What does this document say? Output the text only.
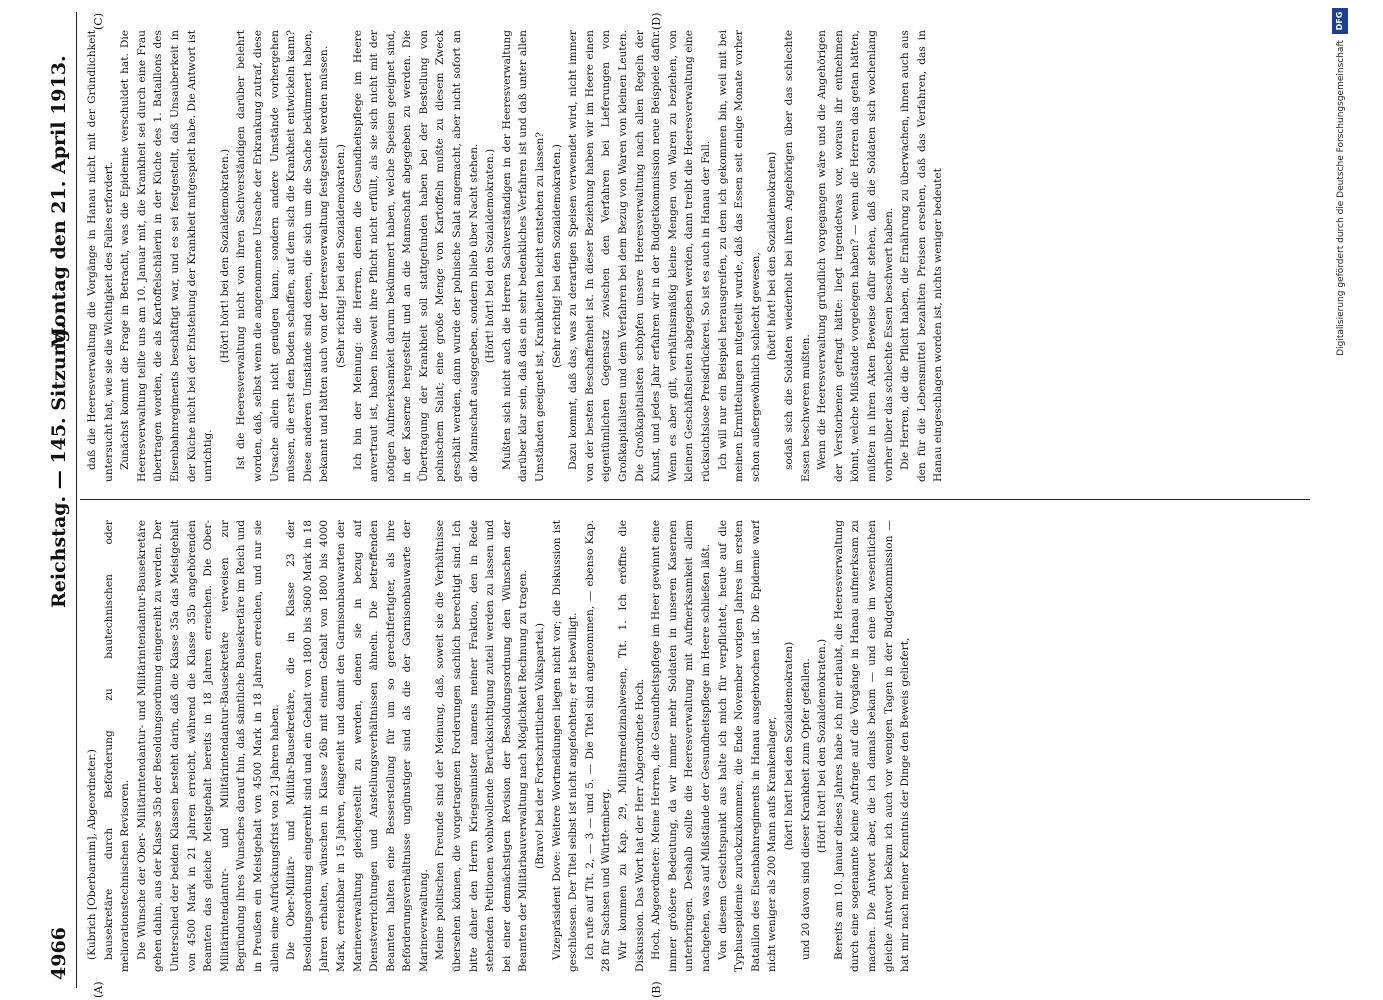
4966
Reichstag. — 145. Sitzung.
Montag den 21. April 1913.
(A)	(B)
(C)	(D)

(Kubrich [Oberbarnim], Abgeordneter.) bausekretäre durch Beförderung zu bautechnischen oder meliorationstechnischen Revisoren. Die Wünsche der Ober- Militärintendantur- und Militärintendantur-Bausekretäre gehen dahin, aus der Klasse 35b der Besoldungsordnung eingereiht zu werden. Der Unterschied der beiden Klassen besteht darin, daß die Klasse 35a das Meistgehalt von 4500 Mark in 21 Jahren erreicht, während die Klasse 35b angehörenden Beamten das gleiche Meistgehalt bereits in 18 Jahren erreichen. Die Ober-Militärintendantur- und Militärintendantur-Bausekretäre verweisen zur Begründung ihres Wunsches darauf hin, daß sämtliche Bausekretäre im Reich und in Preußen ein Meistgehalt von 4500 Mark in 18 Jahren erreichen, und nur sie allein eine Aufrückungsfrist von 21 Jahren haben. Die Ober-Militär- und Militär-Bausekretäre, die in Klasse 23 der Besoldungsordnung eingereiht sind und ein Gehalt von 1800 bis 3600 Mark in 18 Jahren erhalten, wünschen in Klasse 26b mit einem Gehalt von 1800 bis 4000 Mark, erreichbar in 15 Jahren, eingereiht und damit den Garnisonbauwarten der Marineverwaltung gleichgestellt zu werden, denen sie in bezug auf Dienstverrichtungen und Anstellungsverhältnissen ähneln. Die betreffenden Beamten halten eine Besserstellung für um so gerechtfertigter, als ihre Beförderungsverhältnisse ungünstiger sind als die der Garnisonbauwarte der Marineverwaltung. Meine politischen Freunde sind der Meinung, daß, soweit sie die Verhältnisse übersehen können, die vorgetragenen Forderungen sachlich berechtigt sind. Ich bitte daher den Herrn Kriegsminister namens meiner Fraktion, den in Rede stehenden Petitionen wohlwollende Berücksichtigung zuteil werden zu lassen und bei einer demnächstigen Revision der Besoldungsordnung den Wünschen der Beamten der Militärbauverwaltung nach Möglichkeit Rechnung zu tragen. (Bravo! bei der Fortschrittlichen Volkspartei.) Vizepräsident Dove: Weitere Wortmeldungen liegen nicht vor; die Diskussion ist geschlossen. Der Titel selbst ist nicht angefochten; er ist bewilligt. Ich rufe auf Tit. 2, — 3 — und 5. — Die Titel sind angenommen, — ebenso Kap. 28 für Sachsen und Württemberg. Wir kommen zu Kap. 29, Militärmedizinalwesen, Tit. 1. Ich eröffne die Diskussion. Das Wort hat der Herr Abgeordnete Hoch. Hoch, Abgeordneter: Meine Herren, die Gesundheitspflege im Heer gewinnt eine immer größere Bedeutung, da wir immer mehr Soldaten in unseren Kasernen unterbringen. Deshalb sollte die Heeresverwaltung mit Aufmerksamkeit allem nachgehen, was auf Mißstände der Gesundheitspflege im Heere schließen läßt. Von diesem Gesichtspunkt aus halte ich mich für verpflichtet, heute auf die Typhusepidemie zurückzukommen, die Ende November vorigen Jahres im ersten Bataillon des Eisenbahnregiments in Hanau ausgebrochen ist. Die Epidemie warf nicht weniger als 200 Mann aufs Krankenlager, (hört! hört! bei den Sozialdemokraten) und 20 davon sind dieser Krankheit zum Opfer gefallen. (Hört! hört! bei den Sozialdemokraten.) Bereits am 10. Januar dieses Jahres habe ich mir erlaubt, die Heeresverwaltung durch eine sogenannte kleine Anfrage auf die Vorgänge in Hanau aufmerksam zu machen. Die Antwort aber, die ich damals bekam — und eine im wesentlichen gleiche Antwort bekam ich auch vor wenigen Tagen in der Budgetkommission — hat mir nach meiner Kenntnis der Dinge den Beweis geliefert,

daß die Heeresverwaltung die Vorgänge in Hanau nicht mit der Gründlichkeit untersucht hat, wie sie die Wichtigkeit des Falles erfordert. Zunächst kommt die Frage in Betracht, was die Epidemie verschuldet hat. Die Heeresverwaltung teilte uns am 10. Januar mit, die Krankheit sei durch eine Frau übertragen worden, die als Kartoffelschälerin in der Küche des 1. Bataillons des Eisenbahnregiments beschäftigt war, und es sei festgestellt, daß Unsauberkeit in der Küche nicht bei der Entstehung der Krankheit mitgespielt habe. Die Antwort ist unrichtig.

(Hört! hört! bei den Sozialdemokraten.) Ist die Heeresverwaltung nicht von ihren Sachverständigen darüber belehrt worden, daß, selbst wenn die angenommene Ursache der Erkrankung zutraf, diese Ursache allein nicht genügen kann, sondern andere Umstände vorhergehen müssen, die erst den Boden schaffen, auf dem sich die Krankheit entwickeln kann? Diese anderen Umstände sind denen, die sich um die Sache bekümmert haben, bekannt und hätten auch von der Heeresverwaltung festgestellt werden müssen. (Sehr richtig! bei den Sozialdemokraten.) Ich bin der Meinung: die Herren, denen die Gesundheitspflege im Heere anvertraut ist, haben insoweit ihre Pflicht nicht erfüllt, als sie sich nicht mit der nötigen Aufmerksamkeit darum bekümmert haben, welche Speisen geeignet sind, in der Kaserne hergestellt und an die Mannschaft abgegeben zu werden. Die Übertragung der Krankheit soll stattgefunden haben bei der Bestellung von polnischem Salat; eine große Menge von Kartoffeln mußte zu diesem Zweck geschält werden, dann wurde der polnische Salat angemacht, aber nicht sofort an die Mannschaft ausgegeben, sondern blieb über Nacht stehen. (Hört! hört! bei den Sozialdemokraten.) Mußten sich nicht auch die Herren Sachverständigen in der Heeresverwaltung darüber klar sein, daß das ein sehr bedenkliches Verfahren ist und daß unter allen Umständen geeignet ist, Krankheiten leicht entstehen zu lassen? (Sehr richtig! bei den Sozialdemokraten.) Dazu kommt, daß das, was zu derartigen Speisen verwendet wird, nicht immer von der besten Beschaffenheit ist. In dieser Beziehung haben wir im Heere einen eigentümlichen Gegensatz zwischen den Verfahren bei Lieferungen von Großkapitalisten und dem Verfahren bei dem Bezug von Waren von kleinen Leuten. Die Großkapitalisten schöpfen unsere Heeresverwaltung nach allen Regeln der Kunst, und jedes Jahr erfahren wir in der Budgetkommission neue Beispiele dafür. Wenn es aber gilt, verhältnismäßig kleine Mengen von Waren zu beziehen, von kleinen Geschäftsleuten abgegeben werden, dann treibt die Heeresverwaltung eine rücksichtslose Preisdrückerei. So ist es auch in Hanau der Fall. Ich will nur ein Beispiel herausgreifen, zu dem ich gekommen bin, weil mit bei meinen Ermittelungen mitgeteilt wurde, daß das Essen seit einige Monate vorher schon außergewöhnlich schlecht gewesen, (hört! hört! bei den Sozialdemokraten) sodaß sich die Soldaten wiederholt bei ihren Angehörigen über das schlechte Essen beschweren mußten. Wenn die Heeresverwaltung gründlich vorgegangen wäre und die Angehörigen der Verstorbenen gefragt hätte: liegt irgendetwas vor, woraus ihr entnehmen könnt, welche Mißstände vorgelegen haben? — wenn die Herren das getan hätten, müßten in ihren Akten Beweise dafür stehen, daß die Soldaten sich wochenlang vorher über das schlechte Essen beschwert haben. Die Herren, die die Pflicht haben, die Ernährung zu überwachen, ihnen auch aus den für die Lebensmittel bezahlten Preisen ersehen, daß das Verfahren, das in Hanau eingeschlagen worden ist, nichts weniger bedeutet	Digitalisierung gefördert durch die Deutsche Forschungsgemeinschaft
DFG
